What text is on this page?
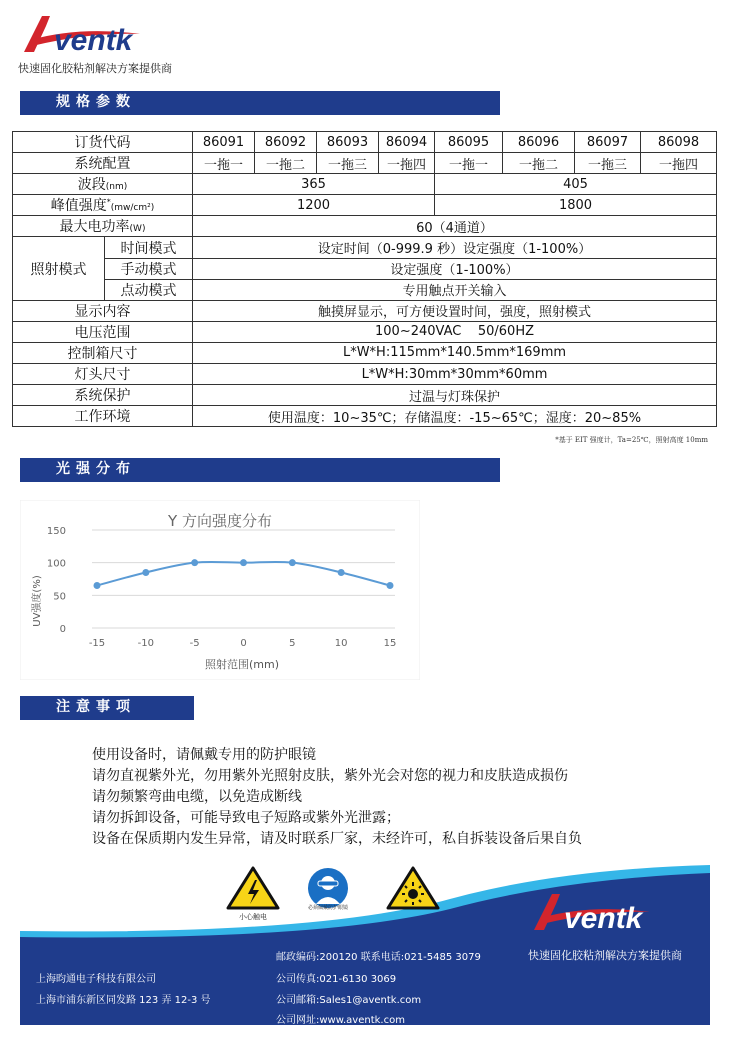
ventk
快速固化胶粘剂解决方案提供商
规格参数
订货代码		86091	86092	86093	86094	86095	86096	86097	86098
系统配置		一拖一	一拖二	一拖三	一拖四	一拖一	一拖二	一拖三	一拖四
波段(nm)		365				405			
峰值强度*(mw/cm²)		1200				1800			
最大电功率(W)		60（4通道）							
照射模式	时间模式	设定时间（0-999.9 秒）设定强度（1-100%）							
	手动模式	设定强度（1-100%）							
	点动模式	专用触点开关输入							
显示内容		触摸屏显示，可方便设置时间，强度，照射模式							
电压范围		100~240VAC    50/60HZ							
控制箱尺寸		L*W*H:115mm*140.5mm*169mm							
灯头尺寸		L*W*H:30mm*30mm*60mm							
系统保护		过温与灯珠保护							
工作环境		使用温度：10~35℃；存储温度：-15~65℃；湿度：20~85%							
*基于 EIT 强度计，Ta=25℃，照射高度 10mm
光强分布
Y 方向强度分布
0
50
100
150
-15	-10	-5	0	5	10	15
UV强度(%)
照射范围(mm)
注意事项
使用设备时，请佩戴专用的防护眼镜
请勿直视紫外光，勿用紫外光照射皮肤，紫外光会对您的视力和皮肤造成损伤
请勿频繁弯曲电缆，以免造成断线
请勿拆卸设备，可能导致电子短路或紫外光泄露；
设备在保质期内发生异常，请及时联系厂家，未经许可，私自拆装设备后果自负
小心触电
必须佩戴防护眼镜	ventk
邮政编码:200120 联系电话:021-5485 3079	快速固化胶粘剂解决方案提供商
上海昀通电子科技有限公司	公司传真:021-6130 3069
上海市浦东新区同发路 123 弄 12-3 号	公司邮箱:Sales1@aventk.com
公司网址:www.aventk.com
